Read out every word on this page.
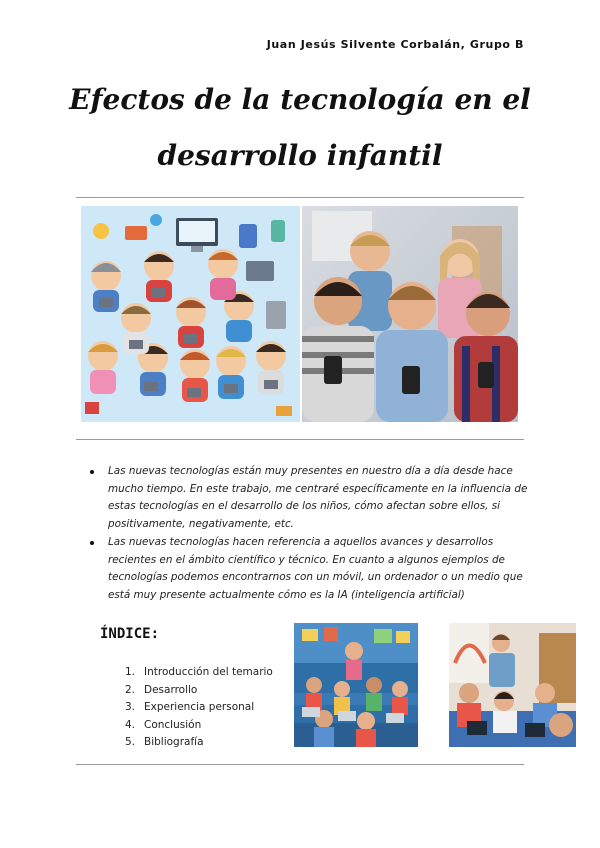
Juan Jesús Silvente Corbalán, Grupo B
Efectos de la tecnología en el
desarrollo infantil
Las nuevas tecnologías están muy presentes en nuestro día a día desde hace mucho tiempo. En este trabajo, me centraré específicamente en la influencia de estas tecnologías en el desarrollo de los niños, cómo afectan sobre ellos, si positivamente, negativamente, etc.
Las nuevas tecnologías hacen referencia a aquellos avances y desarrollos recientes en el ámbito científico y técnico. En cuanto a algunos ejemplos de tecnologías podemos encontrarnos con un móvil, un ordenador o un medio que está muy presente actualmente cómo es la IA (inteligencia artificial)
ÍNDICE:
1. Introducción del temario
2. Desarrollo
3. Experiencia personal
4. Conclusión
5. Bibliografía
